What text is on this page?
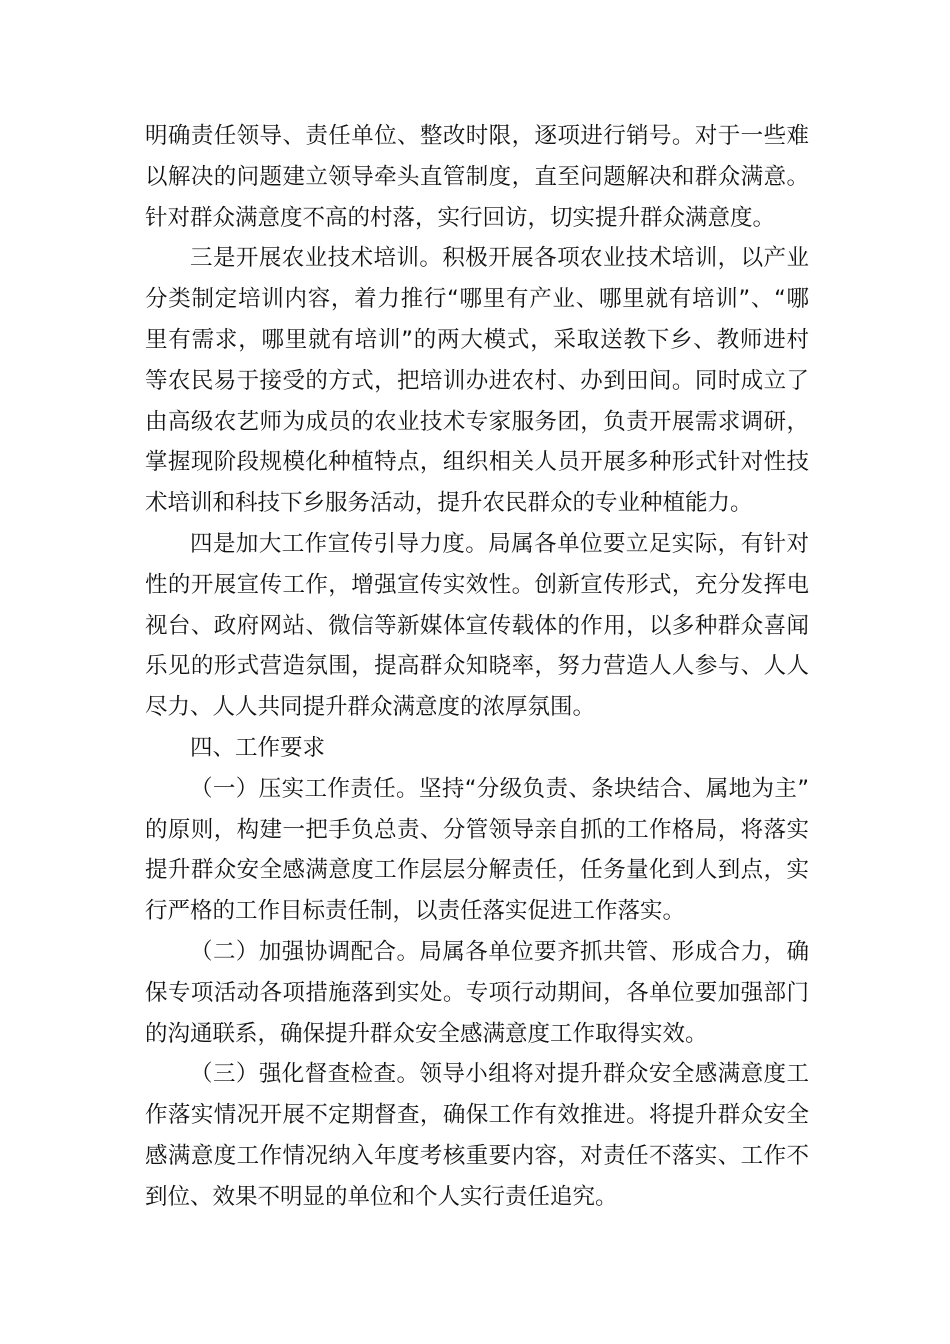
明确责任领导、责任单位、整改时限，逐项进行销号。对于一些难以解决的问题建立领导牵头直管制度，直至问题解决和群众满意。针对群众满意度不高的村落，实行回访，切实提升群众满意度。

三是开展农业技术培训。积极开展各项农业技术培训，以产业分类制定培训内容，着力推行“哪里有产业、哪里就有培训”、“哪里有需求，哪里就有培训”的两大模式，采取送教下乡、教师进村等农民易于接受的方式，把培训办进农村、办到田间。同时成立了由高级农艺师为成员的农业技术专家服务团，负责开展需求调研，掌握现阶段规模化种植特点，组织相关人员开展多种形式针对性技术培训和科技下乡服务活动，提升农民群众的专业种植能力。

四是加大工作宣传引导力度。局属各单位要立足实际，有针对性的开展宣传工作，增强宣传实效性。创新宣传形式，充分发挥电视台、政府网站、微信等新媒体宣传载体的作用，以多种群众喜闻乐见的形式营造氛围，提高群众知晓率，努力营造人人参与、人人尽力、人人共同提升群众满意度的浓厚氛围。

四、工作要求

（一）压实工作责任。坚持“分级负责、条块结合、属地为主”的原则，构建一把手负总责、分管领导亲自抓的工作格局，将落实提升群众安全感满意度工作层层分解责任，任务量化到人到点，实行严格的工作目标责任制，以责任落实促进工作落实。

（二）加强协调配合。局属各单位要齐抓共管、形成合力，确保专项活动各项措施落到实处。专项行动期间，各单位要加强部门的沟通联系，确保提升群众安全感满意度工作取得实效。

（三）强化督查检查。领导小组将对提升群众安全感满意度工作落实情况开展不定期督查，确保工作有效推进。将提升群众安全感满意度工作情况纳入年度考核重要内容，对责任不落实、工作不到位、效果不明显的单位和个人实行责任追究。
